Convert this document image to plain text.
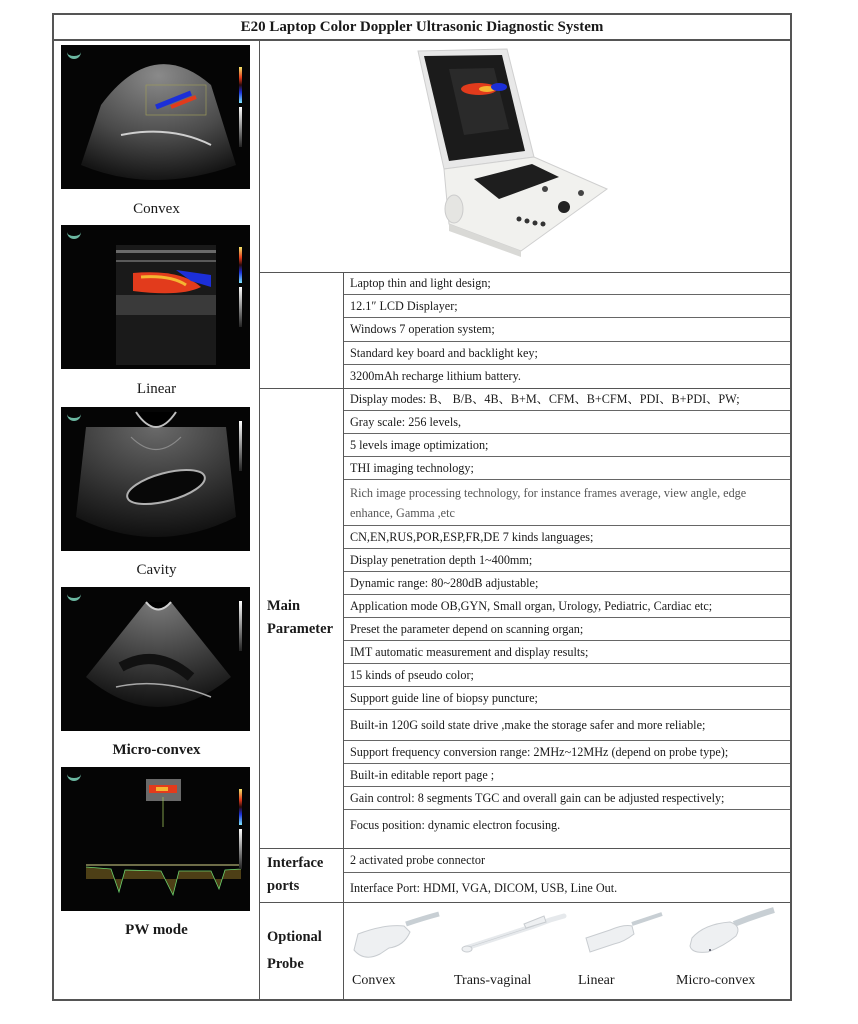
E20 Laptop Color Doppler Ultrasonic Diagnostic System
Convex
Linear
Cavity
Micro-convex
PW mode
Laptop thin and light design;
12.1″ LCD Displayer;
Windows 7 operation system;
Standard key board and backlight key;
3200mAh recharge lithium battery.
Main
Parameter
Display modes: B、 B/B、4B、B+M、CFM、B+CFM、PDI、B+PDI、PW;
Gray scale: 256 levels,
5 levels image optimization;
THI imaging technology;
Rich image processing technology, for instance frames average, view angle, edge enhance, Gamma ,etc
CN,EN,RUS,POR,ESP,FR,DE 7 kinds languages;
Display penetration depth 1~400mm;
Dynamic range: 80~280dB adjustable;
Application mode OB,GYN, Small organ, Urology, Pediatric, Cardiac etc;
Preset the parameter depend on scanning organ;
IMT automatic measurement and display results;
15 kinds of pseudo color;
Support guide line of biopsy puncture;
Built-in 120G soild state drive ,make the storage safer and more reliable;
Support frequency conversion range: 2MHz~12MHz (depend on probe type);
Built-in editable report page ;
Gain control: 8 segments TGC and overall gain can be adjusted respectively;
Focus position: dynamic electron focusing.
Interface
ports
2 activated probe connector
Interface Port: HDMI, VGA, DICOM, USB, Line Out.
Optional
Probe
Convex	Trans-vaginal	Linear	Micro-convex
